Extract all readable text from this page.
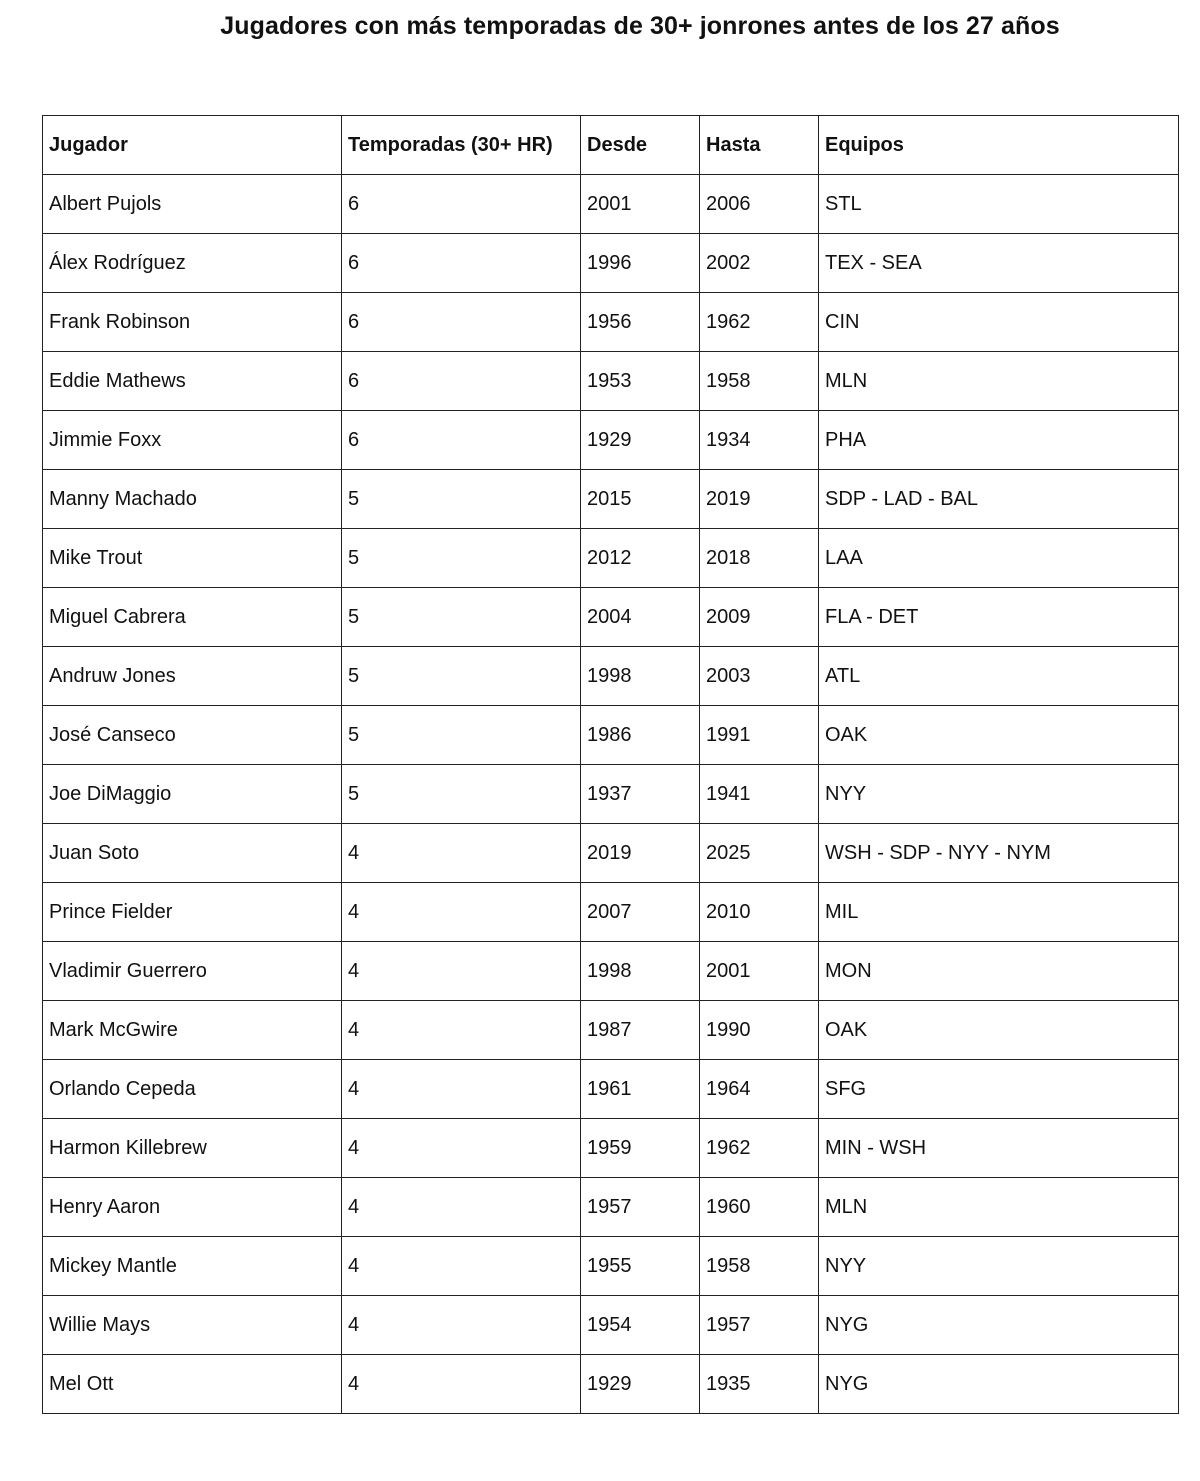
Jugadores con más temporadas de 30+ jonrones antes de los 27 años
Jugador	Temporadas (30+ HR)	Desde	Hasta	Equipos
Albert Pujols	6	2001	2006	STL
Álex Rodríguez	6	1996	2002	TEX - SEA
Frank Robinson	6	1956	1962	CIN
Eddie Mathews	6	1953	1958	MLN
Jimmie Foxx	6	1929	1934	PHA
Manny Machado	5	2015	2019	SDP - LAD - BAL
Mike Trout	5	2012	2018	LAA
Miguel Cabrera	5	2004	2009	FLA - DET
Andruw Jones	5	1998	2003	ATL
José Canseco	5	1986	1991	OAK
Joe DiMaggio	5	1937	1941	NYY
Juan Soto	4	2019	2025	WSH - SDP - NYY - NYM
Prince Fielder	4	2007	2010	MIL
Vladimir Guerrero	4	1998	2001	MON
Mark McGwire	4	1987	1990	OAK
Orlando Cepeda	4	1961	1964	SFG
Harmon Killebrew	4	1959	1962	MIN - WSH
Henry Aaron	4	1957	1960	MLN
Mickey Mantle	4	1955	1958	NYY
Willie Mays	4	1954	1957	NYG
Mel Ott	4	1929	1935	NYG
